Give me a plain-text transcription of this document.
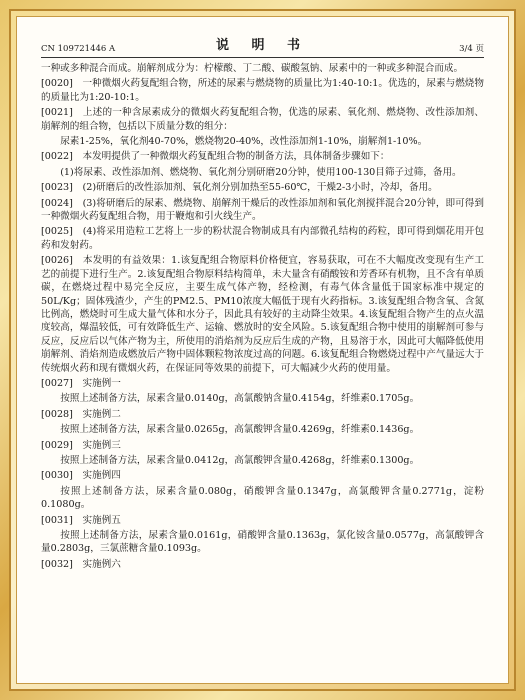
CN 109721446 A	说 明 书	3/4 页

一种或多种混合而成。崩解剂成分为：柠檬酸、丁二酸、碳酸氢钠、尿素中的一种或多种混合而成。

[0020]　一种微烟火药复配组合物，所述的尿素与燃烧物的质量比为1:40-10:1。优选的，尿素与燃烧物的质量比为1:20-10:1。

[0021]　上述的一种含尿素成分的微烟火药复配组合物，优选的尿素、氧化剂、燃烧物、改性添加剂、崩解剂的组合物，包括以下质量分数的组分：

尿素1-25%，氧化剂40-70%，燃烧物20-40%，改性添加剂1-10%，崩解剂1-10%。

[0022]　本发明提供了一种微烟火药复配组合物的制备方法，具体制备步骤如下：

(1)将尿素、改性添加剂、燃烧物、氧化剂分别研磨20分钟，使用100-130目筛子过筛，备用。

[0023]　(2)研磨后的改性添加剂、氧化剂分别加热至55-60℃，干燥2-3小时，冷却，备用。

[0024]　(3)将研磨后的尿素、燃烧物、崩解剂干燥后的改性添加剂和氧化剂搅拌混合20分钟，即可得到一种微烟火药复配组合物，用于鞭炮和引火线生产。

[0025]　(4)将采用造粒工艺将上一步的粉状混合物制成具有内部微孔结构的药粒，即可得到烟花用开包药和发射药。

[0026]　本发明的有益效果：1.该复配组合物原料价格便宜，容易获取，可在不大幅度改变现有生产工艺的前提下进行生产。2.该复配组合物原料结构简单，未大量含有硝酸铵和芳香环有机物，且不含有单质碳，在燃烧过程中易完全反应，主要生成气体产物，经检测，有毒气体含量低于国家标准中规定的50L/Kg；固体残渣少，产生的PM2.5、PM10浓度大幅低于现有火药指标。3.该复配组合物含氧、含氮比例高，燃烧时可生成大量气体和水分子，因此具有较好的主动降尘效果。4.该复配组合物产生的点火温度较高，爆温较低，可有效降低生产、运输、燃放时的安全风险。5.该复配组合物中使用的崩解剂可参与反应，反应后以气体产物为主，所使用的消焰剂为反应后生成的产物，且易溶于水，因此可大幅降低使用崩解剂、消焰剂造成燃放后产物中固体颗粒物浓度过高的问题。6.该复配组合物燃烧过程中产气量远大于传统烟火药和现有微烟火药，在保证同等效果的前提下，可大幅减少火药的使用量。

[0027]　实施例一

按照上述制备方法，尿素含量0.0140g，高氯酸钠含量0.4154g，纤维素0.1705g。

[0028]　实施例二

按照上述制备方法，尿素含量0.0265g，高氯酸钾含量0.4269g，纤维素0.1436g。

[0029]　实施例三

按照上述制备方法，尿素含量0.0412g，高氯酸钾含量0.4268g，纤维素0.1300g。

[0030]　实施例四

按照上述制备方法，尿素含量0.080g，硝酸钾含量0.1347g，高氯酸钾含量0.2771g，淀粉0.1080g。

[0031]　实施例五

按照上述制备方法，尿素含量0.0161g，硝酸钾含量0.1363g，氯化铵含量0.0577g，高氯酸钾含量0.2803g，三氯蔗糖含量0.1093g。

[0032]　实施例六
